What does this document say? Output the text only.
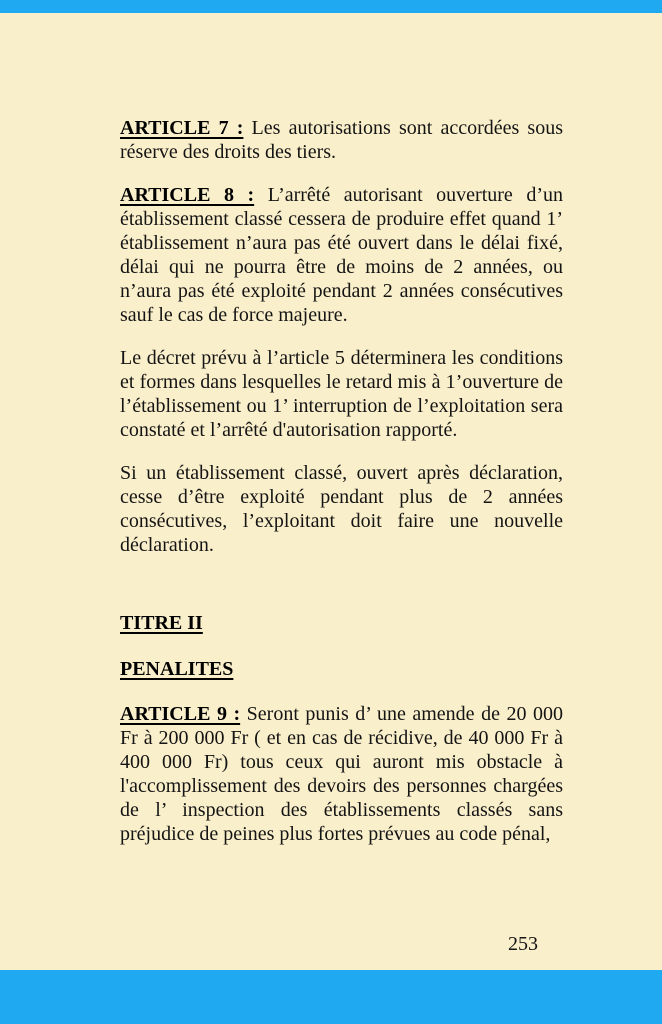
ARTICLE 7 : Les autorisations sont accordées sous réserve des droits des tiers.

ARTICLE 8 : L’arrêté autorisant ouverture d’un établissement classé cessera de produire effet quand 1’ établissement n’aura pas été ouvert dans le délai fixé, délai qui ne pourra être de moins de 2 années, ou n’aura pas été exploité pendant 2 années consécutives sauf le cas de force majeure.

Le décret prévu à l’article 5 déterminera les conditions et formes dans lesquelles le retard mis à 1’ouverture de l’établissement ou 1’ interruption de l’exploitation sera constaté et l’arrêté d'autorisation rapporté.

Si un établissement classé, ouvert après déclaration, cesse d’être exploité pendant plus de 2 années consécutives, l’exploitant doit faire une nouvelle déclaration.

TITRE II
PENALITES

ARTICLE 9 : Seront punis d’ une amende de 20 000 Fr à 200 000 Fr ( et en cas de récidive, de 40 000 Fr à 400 000 Fr) tous ceux qui auront mis obstacle à l'accomplissement des devoirs des personnes chargées de l’ inspection des établissements classés sans préjudice de peines plus fortes prévues au code pénal,

253
